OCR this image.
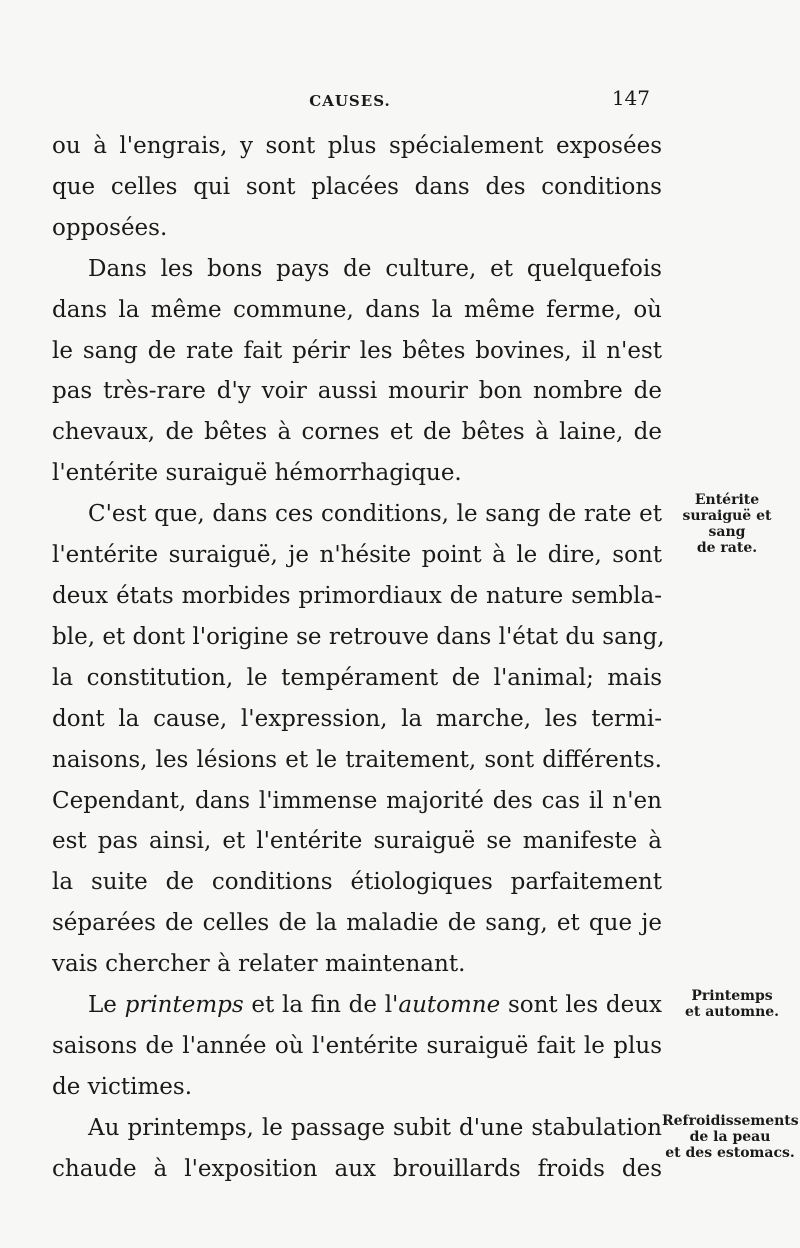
CAUSES.	147

ou à l'engrais, y sont plus spécialement exposées
que celles qui sont placées dans des conditions
opposées.

Dans les bons pays de culture, et quelquefois
dans la même commune, dans la même ferme, où
le sang de rate fait périr les bêtes bovines, il n'est
pas très-rare d'y voir aussi mourir bon nombre de
chevaux, de bêtes à cornes et de bêtes à laine, de
l'entérite suraiguë hémorrhagique.

C'est que, dans ces conditions, le sang de rate et
l'entérite suraiguë, je n'hésite point à le dire, sont
deux états morbides primordiaux de nature sembla-
ble, et dont l'origine se retrouve dans l'état du sang,
la constitution, le tempérament de l'animal; mais
dont la cause, l'expression, la marche, les termi-
naisons, les lésions et le traitement, sont différents.
Cependant, dans l'immense majorité des cas il n'en
est pas ainsi, et l'entérite suraiguë se manifeste à
la suite de conditions étiologiques parfaitement
séparées de celles de la maladie de sang, et que je
vais chercher à relater maintenant.

Le printemps et la fin de l'automne sont les deux
saisons de l'année où l'entérite suraiguë fait le plus
de victimes.

Au printemps, le passage subit d'une stabulation
chaude à l'exposition aux brouillards froids des

Entérite
suraiguë et sang
de rate.
Printemps
et automne.
Refroidissements
de la peau
et des estomacs.
